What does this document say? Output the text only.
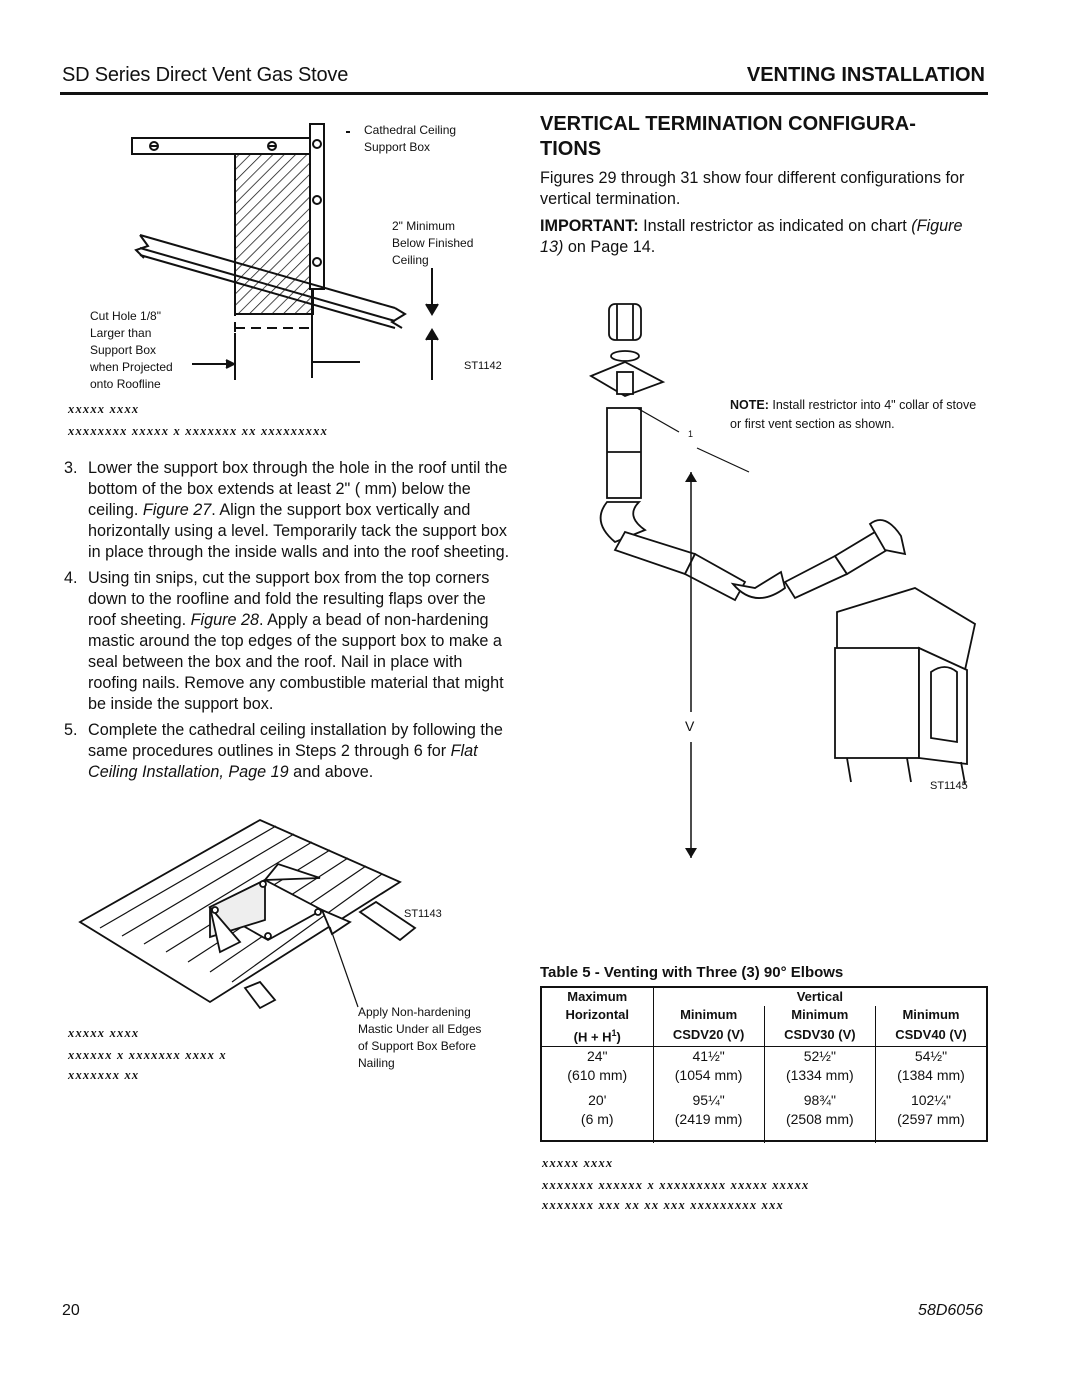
SD Series Direct Vent Gas Stove	VENTING INSTALLATION
Cathedral Ceiling
Support Box
2" Minimum
Below Finished
Ceiling
Cut Hole 1/8"
Larger than
Support Box
when Projected
onto Roofline
ST1142
xxxxx xxxx
xxxxxxxx xxxxx x xxxxxxx xx xxxxxxxxx
3. Lower the support box through the hole in the roof until the bottom of the box extends at least 2" ( mm) below the ceiling. Figure 27. Align the support box vertically and horizontally using a level. Temporarily tack the support box in place through the inside walls and into the roof sheeting.
4. Using tin snips, cut the support box from the top corners down to the roofline and fold the resulting flaps over the roof sheeting. Figure 28. Apply a bead of non-hardening mastic around the top edges of the support box to make a seal between the box and the roof. Nail in place with roofing nails. Remove any combustible material that might be inside the support box.
5. Complete the cathedral ceiling installation by following the same procedures outlines in Steps 2 through 6 for Flat Ceiling Installation, Page 19 and above.
ST1143
Apply Non-hardening
Mastic Under all Edges
of Support Box Before
Nailing
xxxxx xxxx
xxxxxx x xxxxxxx xxxx x
xxxxxxx xx
VERTICAL TERMINATION CONFIGURA-
TIONS
Figures 29 through 31 show four different configurations for vertical termination.
IMPORTANT: Install restrictor as indicated on chart (Figure 13) on Page 14.
NOTE: Install restrictor into 4" collar of stove or first vent section as shown.
1
V
ST1145
Table 5 - Venting with Three (3) 90° Elbows
Maximum		Vertical	
Horizontal	Minimum	Minimum	Minimum
$(H + H^1)$	CSDV20 (V)	CSDV30 (V)	CSDV40 (V)
24"	41½"	52½"	54½"
(610 mm)	(1054 mm)	(1334 mm)	(1384 mm)
20'	95¼"	98¾"	102¼"
(6 m)	(2419 mm)	(2508 mm)	(2597 mm)
xxxxx xxxx
xxxxxxx xxxxxx x xxxxxxxxx xxxxx xxxxx
xxxxxxx xxx xx xx xxx xxxxxxxxx xxx
20	58D6056
